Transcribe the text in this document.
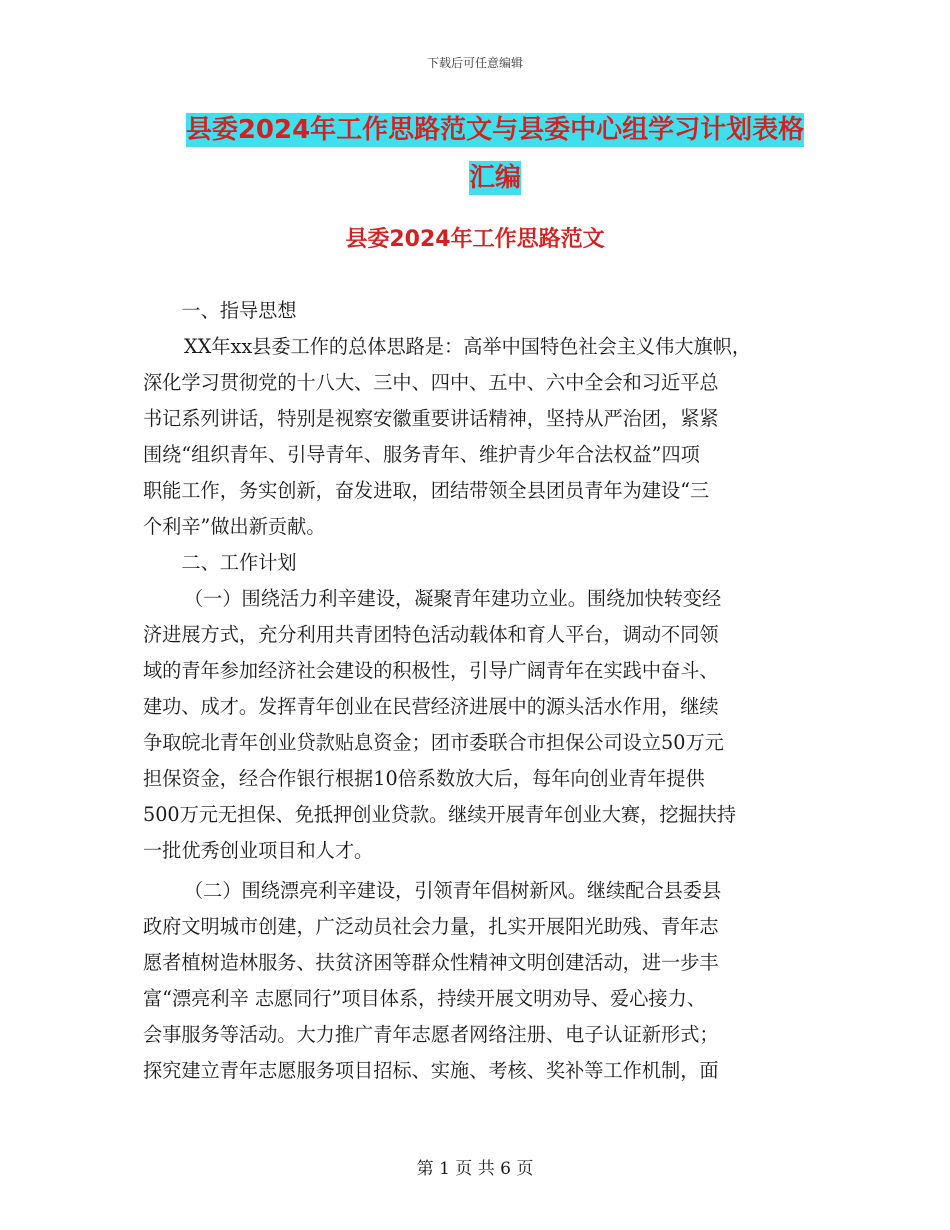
下载后可任意编辑
县委2024年工作思路范文与县委中心组学习计划表格
汇编
县委2024年工作思路范文

一、指导思想

XX年xx县委工作的总体思路是：高举中国特色社会主义伟大旗帜，

深化学习贯彻党的十八大、三中、四中、五中、六中全会和习近平总

书记系列讲话，特别是视察安徽重要讲话精神，坚持从严治团，紧紧

围绕“组织青年、引导青年、服务青年、维护青少年合法权益”四项

职能工作，务实创新，奋发进取，团结带领全县团员青年为建设“三

个利辛”做出新贡献。

二、工作计划

（一）围绕活力利辛建设，凝聚青年建功立业。围绕加快转变经

济进展方式，充分利用共青团特色活动载体和育人平台，调动不同领

域的青年参加经济社会建设的积极性，引导广阔青年在实践中奋斗、

建功、成才。发挥青年创业在民营经济进展中的源头活水作用，继续

争取皖北青年创业贷款贴息资金；团市委联合市担保公司设立50万元

担保资金，经合作银行根据10倍系数放大后，每年向创业青年提供

500万元无担保、免抵押创业贷款。继续开展青年创业大赛，挖掘扶持

一批优秀创业项目和人才。

（二）围绕漂亮利辛建设，引领青年倡树新风。继续配合县委县

政府文明城市创建，广泛动员社会力量，扎实开展阳光助残、青年志

愿者植树造林服务、扶贫济困等群众性精神文明创建活动，进一步丰

富“漂亮利辛 志愿同行”项目体系，持续开展文明劝导、爱心接力、

会事服务等活动。大力推广青年志愿者网络注册、电子认证新形式；

探究建立青年志愿服务项目招标、实施、考核、奖补等工作机制，面

第 1 页 共 6 页
